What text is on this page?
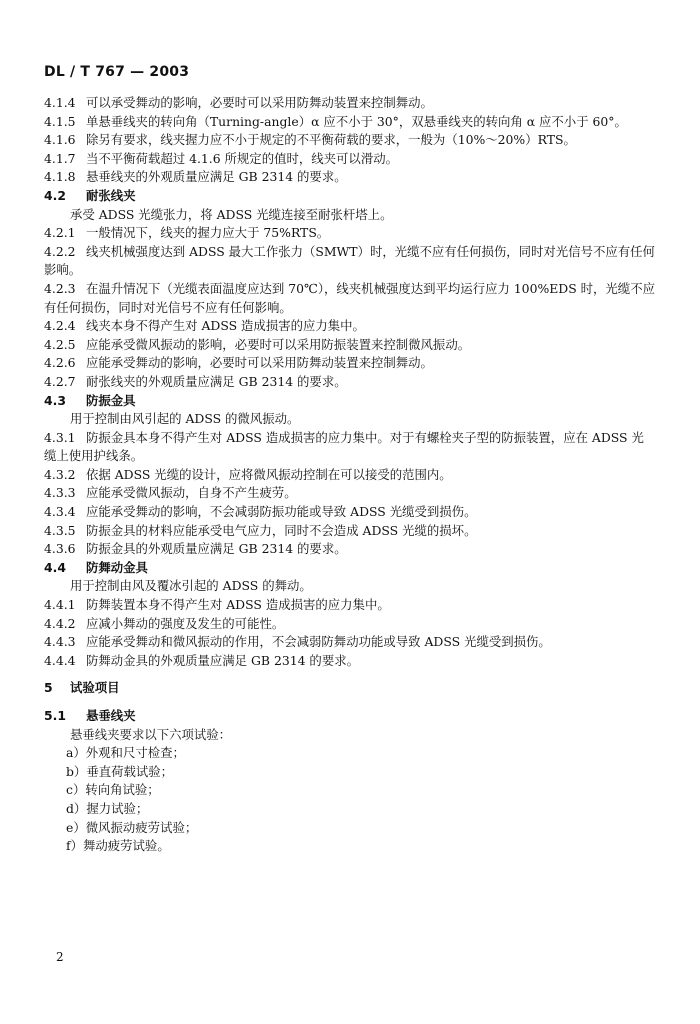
DL / T 767 — 2003
4.1.4 可以承受舞动的影响，必要时可以采用防舞动装置来控制舞动。
4.1.5 单悬垂线夹的转向角（Turning-angle）α 应不小于 30°，双悬垂线夹的转向角 α 应不小于 60°。
4.1.6 除另有要求，线夹握力应不小于规定的不平衡荷载的要求，一般为（10%～20%）RTS。
4.1.7 当不平衡荷载超过 4.1.6 所规定的值时，线夹可以滑动。
4.1.8 悬垂线夹的外观质量应满足 GB 2314 的要求。
4.2 耐张线夹
承受 ADSS 光缆张力，将 ADSS 光缆连接至耐张杆塔上。
4.2.1 一般情况下，线夹的握力应大于 75%RTS。
4.2.2 线夹机械强度达到 ADSS 最大工作张力（SMWT）时，光缆不应有任何损伤，同时对光信号不应有任何影响。
4.2.3 在温升情况下（光缆表面温度应达到 70℃），线夹机械强度达到平均运行应力 100%EDS 时，光缆不应有任何损伤，同时对光信号不应有任何影响。
4.2.4 线夹本身不得产生对 ADSS 造成损害的应力集中。
4.2.5 应能承受微风振动的影响，必要时可以采用防振装置来控制微风振动。
4.2.6 应能承受舞动的影响，必要时可以采用防舞动装置来控制舞动。
4.2.7 耐张线夹的外观质量应满足 GB 2314 的要求。
4.3 防振金具
用于控制由风引起的 ADSS 的微风振动。
4.3.1 防振金具本身不得产生对 ADSS 造成损害的应力集中。对于有螺栓夹子型的防振装置，应在 ADSS 光缆上使用护线条。
4.3.2 依据 ADSS 光缆的设计，应将微风振动控制在可以接受的范围内。
4.3.3 应能承受微风振动，自身不产生疲劳。
4.3.4 应能承受舞动的影响，不会减弱防振功能或导致 ADSS 光缆受到损伤。
4.3.5 防振金具的材料应能承受电气应力，同时不会造成 ADSS 光缆的损坏。
4.3.6 防振金具的外观质量应满足 GB 2314 的要求。
4.4 防舞动金具
用于控制由风及覆冰引起的 ADSS 的舞动。
4.4.1 防舞装置本身不得产生对 ADSS 造成损害的应力集中。
4.4.2 应减小舞动的强度及发生的可能性。
4.4.3 应能承受舞动和微风振动的作用，不会减弱防舞动功能或导致 ADSS 光缆受到损伤。
4.4.4 防舞动金具的外观质量应满足 GB 2314 的要求。
5 试验项目
5.1 悬垂线夹
悬垂线夹要求以下六项试验：
a）外观和尺寸检查；
b）垂直荷载试验；
c）转向角试验；
d）握力试验；
e）微风振动疲劳试验；
f）舞动疲劳试验。
2
